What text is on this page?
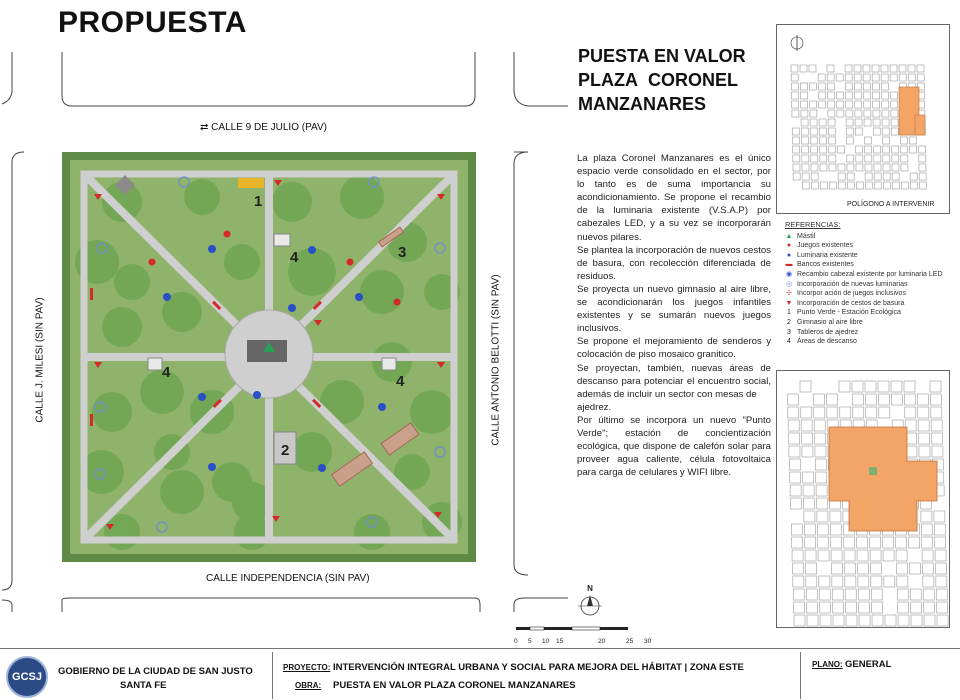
PROPUESTA
⇄ CALLE 9 DE JULIO (PAV)
CALLE INDEPENDENCIA (SIN PAV)
CALLE J. MILESI (SIN PAV)	CALLE ANTONIO BELOTTI (SIN PAV)
1
2
3
4
4
4
PUESTA EN VALOR
PLAZA CORONEL
MANZANARES
La plaza Coronel Manzanares es el único espacio verde consolidado en el sector, por lo tanto es de suma importancia su acondicionamiento. Se propone el recambio de la luminaria existente (V.S.A.P) por cabezales LED, y a su vez se incorporarán nuevos pilares.
Se plantea la incorporación de nuevos cestos de basura, con recolección diferenciada de residuos.
Se proyecta un nuevo gimnasio al aire libre, se acondicionarán los juegos infantiles existentes y se sumarán nuevos juegos inclusivos.
Se propone el mejoramiento de senderos y colocación de piso mosaico granitico.
Se proyectan, también, nuevas áreas de descanso para potenciar el encuentro social, además de incluir un sector con mesas de
ajedrez.
Por último se incorpora un nuevo "Punto Verde"; estación de concientización ecológica, que dispone de calefón solar para proveer agua caliente, célula fotovoltaica para carga de celulares y WIFI libre.
POLÍGONO A INTERVENIR
REFERENCIAS:
▲ Mástil
● Juegos existentes
● Luminaria existente
▬ Bancos existentes
◉ Recambio cabezal existente por luminaria LED
◎ Incorporación de nuevas luminarias
✣ Incorpor ación de juegos inclusivos
▼ Incorporación de cestos de basura
1 Punto Verde - Estación Ecológica
2 Gimnasio al aire libre
3 Tableros de ajedrez
4 Áreas de descanso
N
0 5 10 15	20	25 30
GCSJ	GOBIERNO DE LA CIUDAD DE SAN JUSTO
SANTA FE
PROYECTO: INTERVENCIÓN INTEGRAL URBANA Y SOCIAL PARA MEJORA DEL HÁBITAT | ZONA ESTE
OBRA: PUESTA EN VALOR PLAZA CORONEL MANZANARES
PLANO: GENERAL
